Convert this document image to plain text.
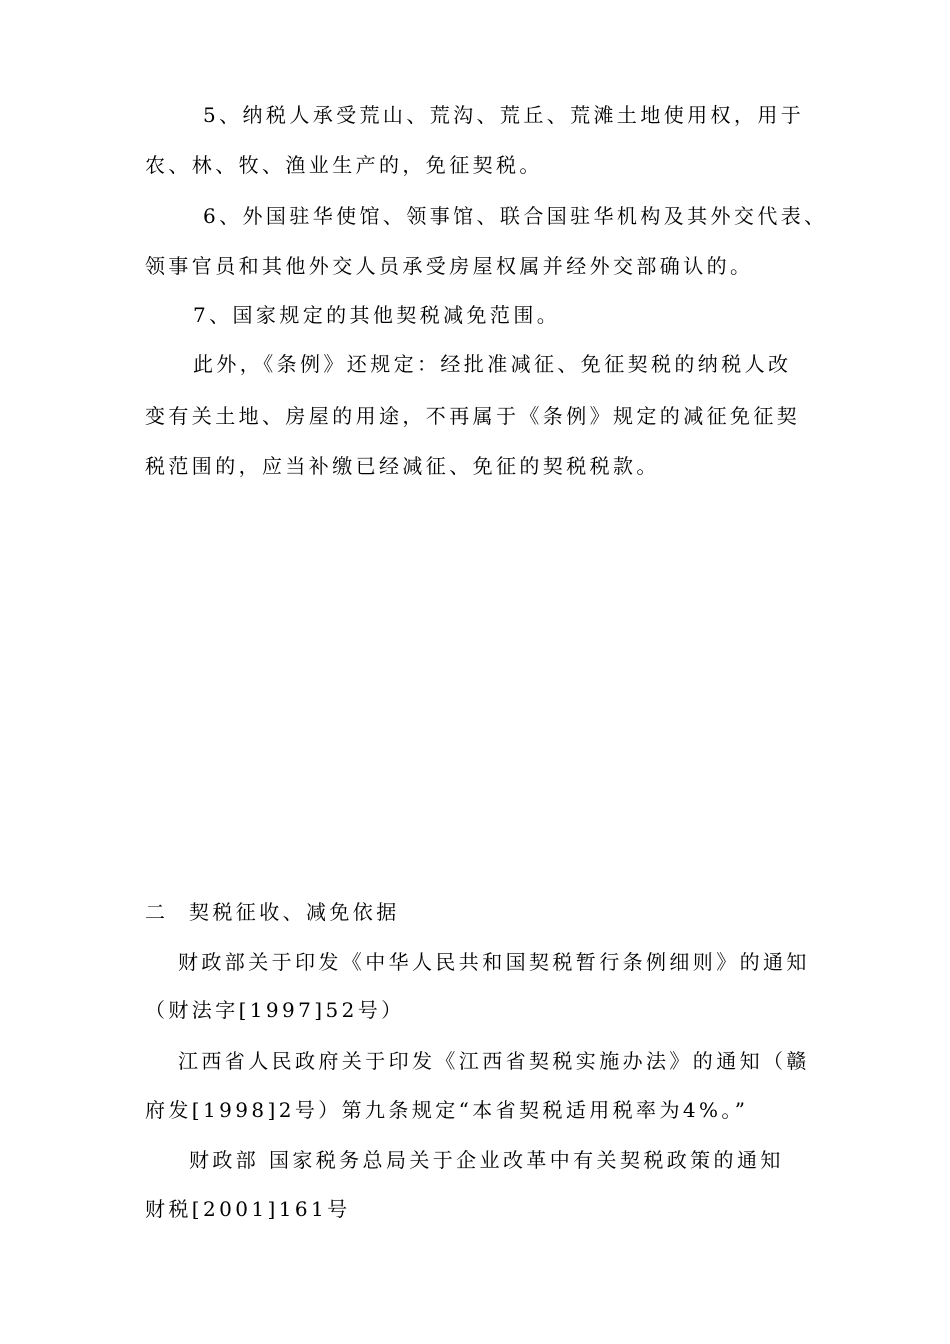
5、纳税人承受荒山、荒沟、荒丘、荒滩土地使用权，用于
农、林、牧、渔业生产的，免征契税。
6、外国驻华使馆、领事馆、联合国驻华机构及其外交代表、
领事官员和其他外交人员承受房屋权属并经外交部确认的。
7、国家规定的其他契税减免范围。
此外，《条例》还规定：经批准减征、免征契税的纳税人改
变有关土地、房屋的用途，不再属于《条例》规定的减征免征契
税范围的，应当补缴已经减征、免征的契税税款。
二 契税征收、减免依据
财政部关于印发《中华人民共和国契税暂行条例细则》的通知
（财法字[1997]52号）
江西省人民政府关于印发《江西省契税实施办法》的通知（赣
府发[1998]2号）第九条规定“本省契税适用税率为4%。”
财政部 国家税务总局关于企业改革中有关契税政策的通知
财税[2001]161号
